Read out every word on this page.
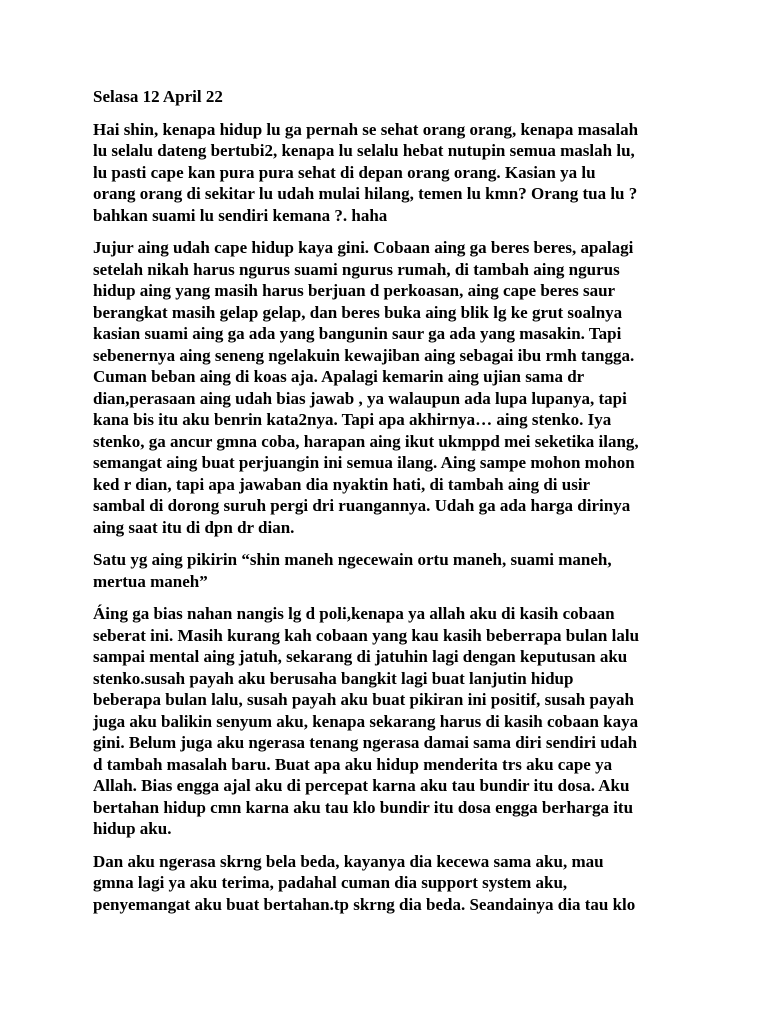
Selasa 12 April 22
Hai shin, kenapa hidup lu ga pernah se sehat orang orang, kenapa masalah
lu selalu dateng bertubi2, kenapa lu selalu hebat nutupin semua maslah lu,
lu pasti cape kan pura pura sehat di depan orang orang. Kasian ya lu
orang orang di sekitar lu udah mulai hilang, temen lu kmn? Orang tua lu ?
bahkan suami lu sendiri kemana ?. haha
Jujur aing udah cape hidup kaya gini. Cobaan aing ga beres beres, apalagi
setelah nikah harus ngurus suami ngurus rumah, di tambah aing ngurus
hidup aing yang masih harus berjuan d perkoasan, aing cape beres saur
berangkat masih gelap gelap, dan beres buka aing blik lg ke grut soalnya
kasian suami aing ga ada yang bangunin saur ga ada yang masakin. Tapi
sebenernya aing seneng ngelakuin kewajiban aing sebagai ibu rmh tangga.
Cuman beban aing di koas aja. Apalagi kemarin aing ujian sama dr
dian,perasaan aing udah bias jawab , ya walaupun ada lupa lupanya, tapi
kana bis itu aku benrin kata2nya. Tapi apa akhirnya… aing stenko. Iya
stenko, ga ancur gmna coba, harapan aing ikut ukmppd mei seketika ilang,
semangat aing buat perjuangin ini semua ilang. Aing sampe mohon mohon
ked r dian, tapi apa jawaban dia nyaktin hati, di tambah aing di usir
sambal di dorong suruh pergi dri ruangannya. Udah ga ada harga dirinya
aing saat itu di dpn dr dian.
Satu yg aing pikirin “shin maneh ngecewain ortu maneh, suami maneh,
mertua maneh”
Áing ga bias nahan nangis lg d poli,kenapa ya allah aku di kasih cobaan
seberat ini. Masih kurang kah cobaan yang kau kasih beberrapa bulan lalu
sampai mental aing jatuh, sekarang di jatuhin lagi dengan keputusan aku
stenko.susah payah aku berusaha bangkit lagi buat lanjutin hidup
beberapa bulan lalu, susah payah aku buat pikiran ini positif, susah payah
juga aku balikin senyum aku, kenapa sekarang harus di kasih cobaan kaya
gini. Belum juga aku ngerasa tenang ngerasa damai sama diri sendiri udah
d tambah masalah baru. Buat apa aku hidup menderita trs aku cape ya
Allah. Bias engga ajal aku di percepat karna aku tau bundir itu dosa. Aku
bertahan hidup cmn karna aku tau klo bundir itu dosa engga berharga itu
hidup aku.
Dan aku ngerasa skrng bela beda, kayanya dia kecewa sama aku, mau
gmna lagi ya aku terima, padahal cuman dia support system aku,
penyemangat aku buat bertahan.tp skrng dia beda. Seandainya dia tau klo
